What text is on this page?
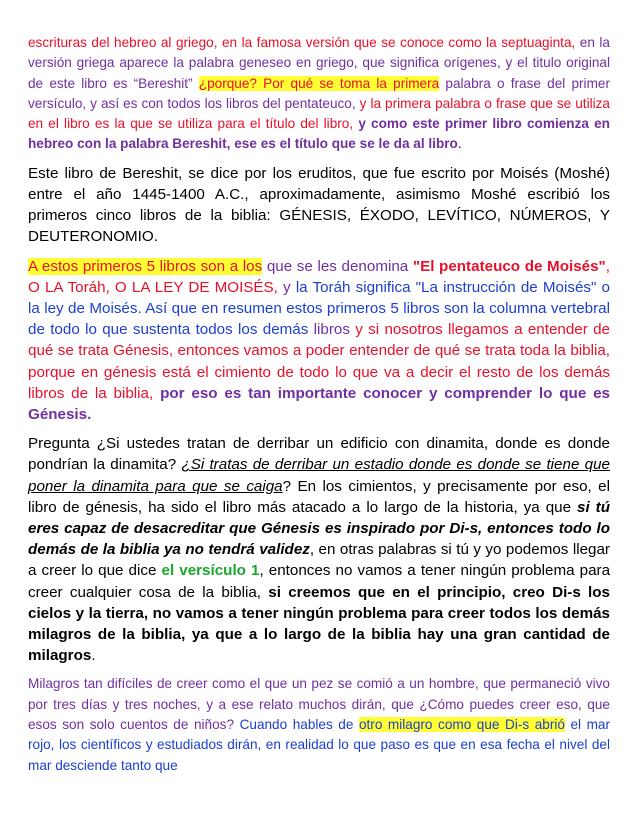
escrituras del hebreo al griego, en la famosa versión que se conoce como la septuaginta, en la versión griega aparece la palabra geneseo en griego, que significa orígenes, y el titulo original de este libro es “Bereshit” ¿porque? Por qué se toma la primera palabra o frase del primer versículo, y así es con todos los libros del pentateuco, y la primera palabra o frase que se utiliza en el libro es la que se utiliza para el título del libro, y como este primer libro comienza en hebreo con la palabra Bereshit, ese es el título que se le da al libro.

Este libro de Bereshit, se dice por los eruditos, que fue escrito por Moisés (Moshé) entre el año 1445-1400 A.C., aproximadamente, asimismo Moshé escribió los primeros cinco libros de la biblia: GÉNESIS, ÉXODO, LEVÍTICO, NÚMEROS, Y DEUTERONOMIO.

A estos primeros 5 libros son a los que se les denomina "El pentateuco de Moisés", O LA Toráh, O LA LEY DE MOISÉS, y la Toráh significa "La instrucción de Moisés" o la ley de Moisés. Así que en resumen estos primeros 5 libros son la columna vertebral de todo lo que sustenta todos los demás libros y si nosotros llegamos a entender de qué se trata Génesis, entonces vamos a poder entender de qué se trata toda la biblia, porque en génesis está el cimiento de todo lo que va a decir el resto de los demás libros de la biblia, por eso es tan importante conocer y comprender lo que es Génesis.

Pregunta ¿Si ustedes tratan de derribar un edificio con dinamita, donde es donde pondrían la dinamita? ¿Si tratas de derribar un estadio donde es donde se tiene que poner la dinamita para que se caiga? En los cimientos, y precisamente por eso, el libro de génesis, ha sido el libro más atacado a lo largo de la historia, ya que si tú eres capaz de desacreditar que Génesis es inspirado por Di-s, entonces todo lo demás de la biblia ya no tendrá validez, en otras palabras si tú y yo podemos llegar a creer lo que dice el versículo 1, entonces no vamos a tener ningún problema para creer cualquier cosa de la biblia, si creemos que en el principio, creo Di-s los cielos y la tierra, no vamos a tener ningún problema para creer todos los demás milagros de la biblia, ya que a lo largo de la biblia hay una gran cantidad de milagros.

Milagros tan difíciles de creer como el que un pez se comió a un hombre, que permaneció vivo por tres días y tres noches, y a ese relato muchos dirán, que ¿Cómo puedes creer eso, que esos son solo cuentos de niños? Cuando hables de otro milagro como que Di-s abrió el mar rojo, los científicos y estudiados dirán, en realidad lo que paso es que en esa fecha el nivel del mar desciende tanto que
